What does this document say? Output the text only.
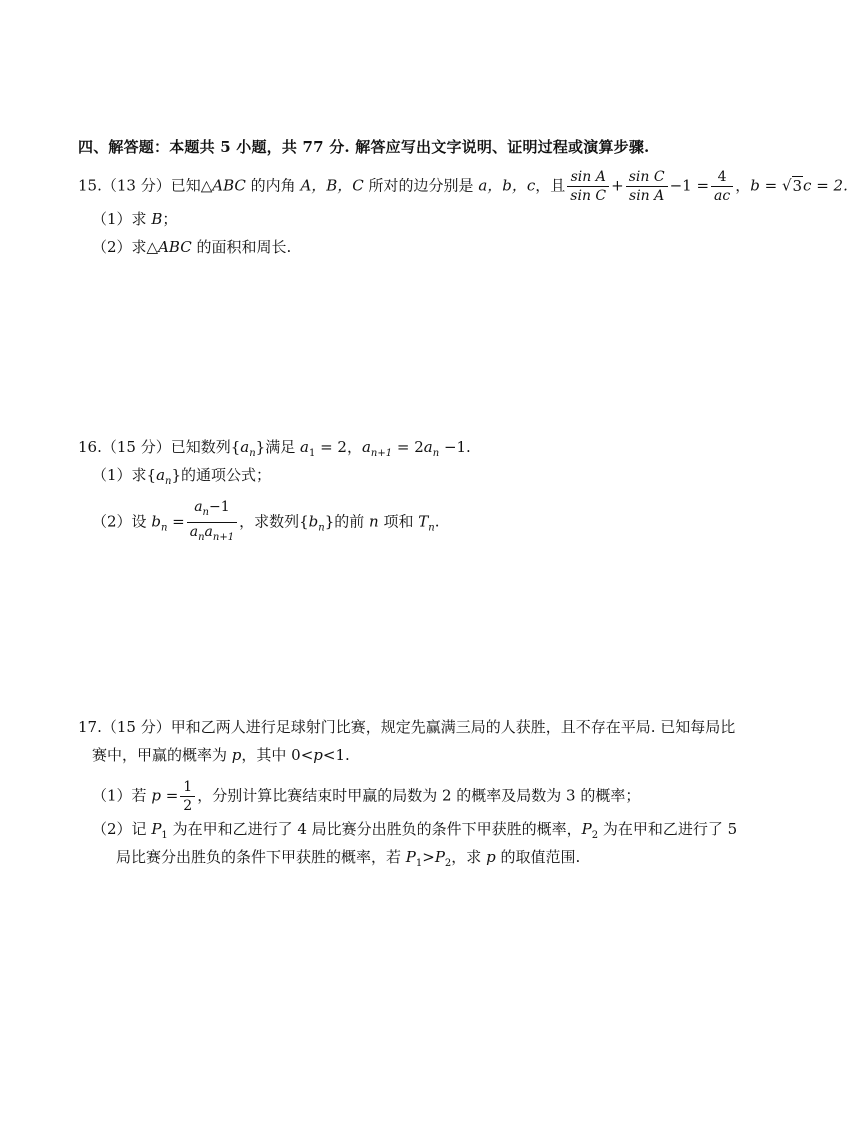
四、解答题：本题共 5 小题，共 77 分. 解答应写出文字说明、证明过程或演算步骤.
15.（13 分）已知△ABC 的内角 A，B，C 所对的边分别是 a，b，c，且 $\frac{\text{sin A}}{\text{sin C}} + \frac{\text{sin C}}{\text{sin A}} -1 = \frac{4}{ac}$ ，b = √3c = 2.
（1）求 B；
（2）求△ABC 的面积和周长.
16.（15 分）已知数列$\{a_n\}$满足 $a_1 = 2$，$a_{n+1} = 2a_n -1$.
（1）求$\{a_n\}$的通项公式；
（2）设 $b_n = \frac{a_n-1}{a_na_{n+1}}$ ，求数列$\{b_n\}$的前 n 项和 $T_n$.
17.（15 分）甲和乙两人进行足球射门比赛，规定先赢满三局的人获胜，且不存在平局. 已知每局比
赛中，甲赢的概率为 p，其中 0<p<1.
（1）若 $p = \frac{1}{2}$ ，分别计算比赛结束时甲赢的局数为 2 的概率及局数为 3 的概率；
（2）记 $P_1$ 为在甲和乙进行了 4 局比赛分出胜负的条件下甲获胜的概率，$P_2$ 为在甲和乙进行了 5
局比赛分出胜负的条件下甲获胜的概率，若 $P_1>P_2$，求 p 的取值范围.
